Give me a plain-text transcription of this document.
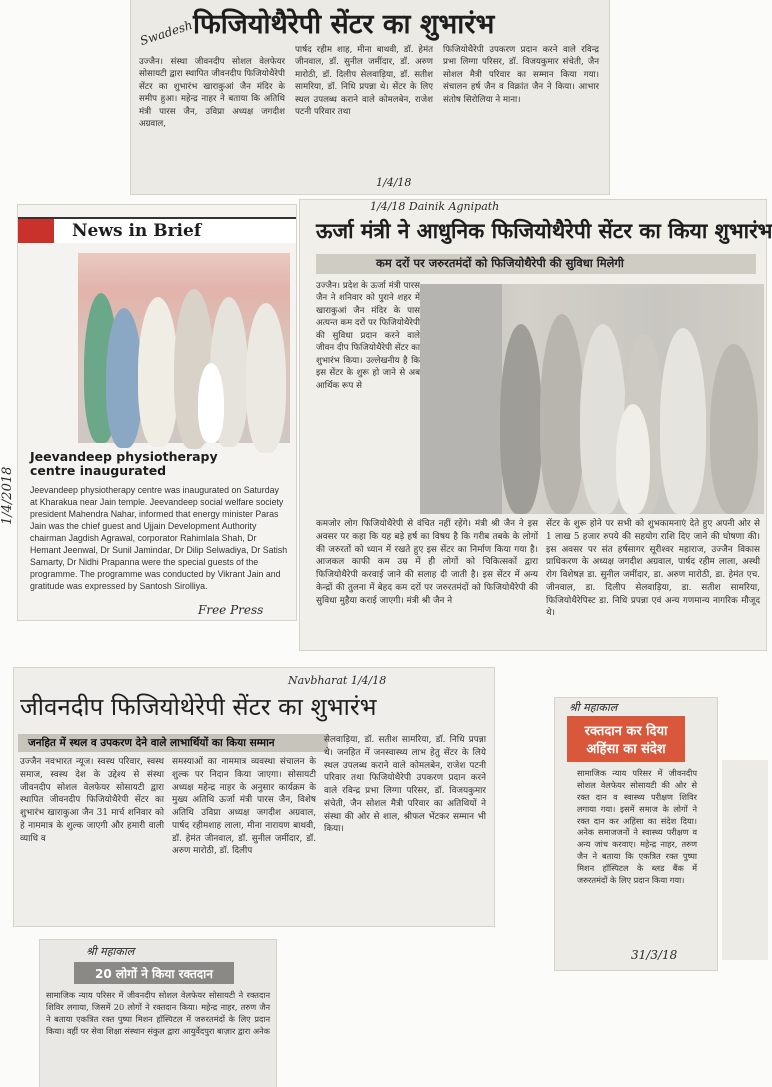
Swadesh
फिजियोथैरेपी सेंटर का शुभारंभ
उज्जैन। संस्था जीवनदीप सोशल वेलफेयर सोसायटी द्वारा स्थापित जीवनदीप फिजियोथैरेपी सेंटर का शुभारंभ खाराकुआं जैन मंदिर के समीप हुआ। महेन्द्र नाहर ने बताया कि अतिथि मंत्री पारस जैन, उविप्रा अध्यक्ष जगदीश अग्रवाल,
पार्षद रहीम शाह, मीना बाथवी, डॉ. हेमंत जीनवाल, डॉ. सुनील जमींदार, डॉ. अरुण मारोठी, डॉ. दिलीप सेलवाड़िया, डॉ. सतीश सामरिया, डॉ. निधि प्रपन्ना थे। सेंटर के लिए स्थल उपलब्ध कराने वाले कोमलबेन, राजेश पटनी परिवार तथा
फिजियोथैरेपी उपकरण प्रदान करने वाले रविन्द्र प्रभा लिग्गा परिसर, डॉ. विजयकुमार संचेती, जैन सोशल मैत्री परिवार का सम्मान किया गया। संचालन हर्ष जैन व विक्रांत जैन ने किया। आभार संतोष सिरोलिया ने माना।
1/4/18
News in Brief
1/4/2018
Jeevandeep physiotherapy centre inaugurated
Jeevandeep physiotherapy centre was inaugurated on Saturday at Kharakua near Jain temple. Jeevandeep social welfare society president Mahendra Nahar, informed that energy minister Paras Jain was the chief guest and Ujjain Development Authority chairman Jagdish Agrawal, corporator Rahimlala Shah, Dr Hemant Jeenwal, Dr Sunil Jamindar, Dr Dilip Selwadiya, Dr Satish Samarty, Dr Nidhi Prapanna were the special guests of the programme. The programme was conducted by Vikrant Jain and gratitude was expressed by Santosh Sirolliya.
Free Press
1/4/18 Dainik Agnipath
ऊर्जा मंत्री ने आधुनिक फिजियोथैरेपी सेंटर का किया शुभारंभ
कम दरों पर जरुरतमंदों को फिजियोथैरेपी की सुविधा मिलेगी
उज्जैन। प्रदेश के ऊर्जा मंत्री पारस जैन ने शनिवार को पुराने शहर में खाराकुआं जैन मंदिर के पास अत्यन्त कम दरों पर फिजियोथैरेपी की सुविधा प्रदान करने वाले जीवन दीप फिजियोथैरेपी सेंटर का शुभारंभ किया। उल्लेखनीय है कि इस सेंटर के शुरू हो जाने से अब आर्थिक रूप से
कमजोर लोग फिजियोथैरेपी से वंचित नहीं रहेंगे। मंत्री श्री जैन ने इस अवसर पर कहा कि यह बड़े हर्ष का विषय है कि गरीब तबके के लोगों की जरुरतों को ध्यान में रखते हुए इस सेंटर का निर्माण किया गया है। आजकल काफी कम उम्र में ही लोगों को चिकित्सकों द्वारा फिजियोथैरेपी करवाई जाने की सलाह दी जाती है। इस सेंटर में अन्य केन्द्रों की तुलना में बेहद कम दरों पर जरुरतमंदों को फिजियोथैरेपी की सुविधा मुहैया कराई जाएगी। मंत्री श्री जैन ने
सेंटर के शुरू होने पर सभी को शुभकामनाएं देते हुए अपनी ओर से 1 लाख 5 हजार रुपये की सहयोग राशि दिए जाने की घोषणा की। इस अवसर पर संत हर्षसागर सूरीश्वर महाराज, उज्जैन विकास प्राधिकरण के अध्यक्ष जगदीश अग्रवाल, पार्षद रहीम लाला, अस्थी रोग विशेषज्ञ डा. सुनील जमींदार, डा. अरुण मारोठी, डा. हेमंत एच. जीनवाल, डा. दिलीप सेलवाड़िया, डा. सतीश सामरिया, फिजियोथैरेपिस्ट डा. निधि प्रपन्ना एवं अन्य गणमान्य नागरिक मौजूद थे।
Navbharat 1/4/18
जीवनदीप फिजियोथेरेपी सेंटर का शुभारंभ
जनहित में स्थल व उपकरण देने वाले लाभार्थियों का किया सम्मान
उज्जैन नवभारत न्यूज। स्वस्थ परिवार, स्वस्थ समाज, स्वस्थ देश के उद्देश्य से संस्था जीवनदीप सोशल वेलफेयर सोसायटी द्वारा स्थापित जीवनदीप फिजियोथैरेपी सेंटर का शुभारंभ खाराकुआ जैन 31 मार्च शनिवार को हे नाममात्र के शुल्क जाएगी और हमारी वाली व्याधि व
समस्याओं का नाममात्र व्यवस्था संचालन के शुल्क पर निदान किया जाएगा। सोसायटी अध्यक्ष महेन्द्र नाहर के अनुसार कार्यक्रम के मुख्य अतिथि ऊर्जा मंत्री पारस जैन, विशेष अतिथि उविप्रा अध्यक्ष जगदीश अग्रवाल, पार्षद रहीमशाह लाला, मीना नारायण बाथवी, डॉ. हेमंत जीनवाल, डॉ. सुनील जमींदार, डॉ. अरुण मारोठी, डॉ. दिलीप
सेलवाड़िया, डॉ. सतीश सामरिया, डॉ. निधि प्रपन्ना थे। जनहित में जनस्वास्थ्य लाभ हेतु सेंटर के लिये स्थल उपलब्ध कराने वाले कोमलबेन, राजेश पटनी परिवार तथा फिजियोथैरेपी उपकरण प्रदान करने वाले रविन्द्र प्रभा लिग्गा परिसर, डॉ. विजयकुमार संचेती, जैन सोशल मैत्री परिवार का अतिथियों ने संस्था की ओर से शाल, श्रीफल भेंटकर सम्मान भी किया।
श्री महाकाल
रक्तदान कर दिया
अहिंसा का संदेश
सामाजिक न्याय परिसर में जीवनदीप सोशल वेलफेयर सोसायटी की ओर से रक्त दान व स्वास्थ्य परीक्षण शिविर लगाया गया। इसमें समाज के लोगों ने रक्त दान कर अहिंसा का संदेश दिया। अनेक समाजजनों ने स्वास्थ्य परीक्षण व अन्य जांच करवाए। महेन्द्र नाहर, तरुण जैन ने बताया कि एकत्रित रक्त पुष्पा मिशन हॉस्पिटल के ब्लड बैंक में जरुरतमंदों के लिए प्रदान किया गया।
31/3/18
श्री महाकाल
20 लोगों ने किया रक्तदान
सामाजिक न्याय परिसर में जीवनदीप सोशल वेलफेयर सोसायटी ने रक्तदान शिविर लगाया, जिसमें 20 लोगों ने रक्तदान किया। महेन्द्र नाहर, तरुण जैन ने बताया एकत्रित रक्त पुष्पा मिशन हॉस्पिटल में जरुरतमंदों के लिए प्रदान किया। वहीं पर सेवा शिक्षा संस्थान संकुल द्वारा आयुर्वेदपुरा बाज़ार द्वारा अनेक
